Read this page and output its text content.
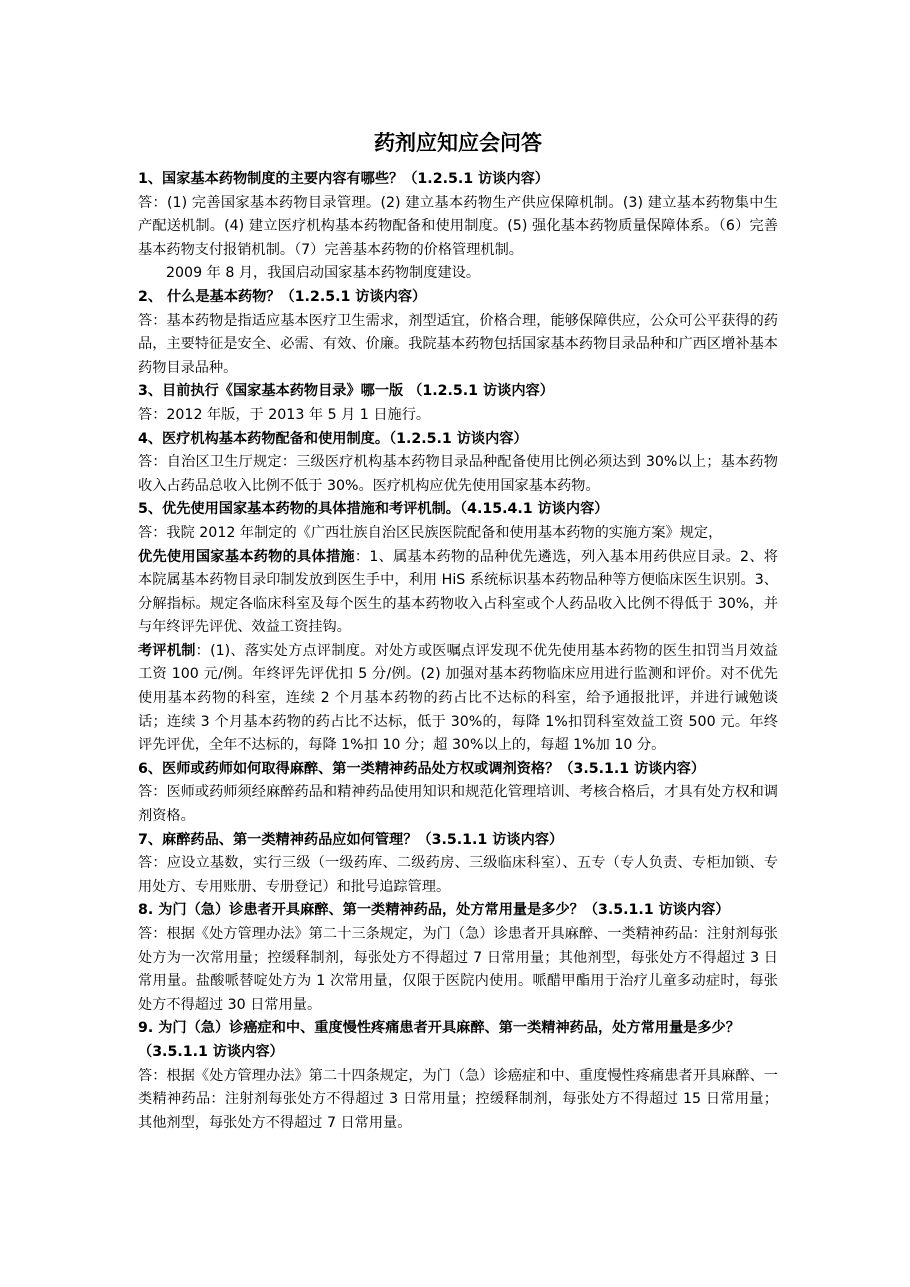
药剂应知应会问答

1、国家基本药物制度的主要内容有哪些？（1.2.5.1 访谈内容）

答：(1) 完善国家基本药物目录管理。(2) 建立基本药物生产供应保障机制。(3) 建立基本药物集中生产配送机制。(4) 建立医疗机构基本药物配备和使用制度。(5) 强化基本药物质量保障体系。（6）完善基本药物支付报销机制。（7）完善基本药物的价格管理机制。

2009 年 8 月，我国启动国家基本药物制度建设。

2、 什么是基本药物？（1.2.5.1 访谈内容）

答：基本药物是指适应基本医疗卫生需求，剂型适宜，价格合理，能够保障供应，公众可公平获得的药品，主要特征是安全、必需、有效、价廉。我院基本药物包括国家基本药物目录品种和广西区增补基本药物目录品种。

3、目前执行《国家基本药物目录》哪一版 （1.2.5.1 访谈内容）

答：2012 年版，于 2013 年 5 月 1 日施行。

4、医疗机构基本药物配备和使用制度。（1.2.5.1 访谈内容）

答：自治区卫生厅规定：三级医疗机构基本药物目录品种配备使用比例必须达到 30%以上；基本药物收入占药品总收入比例不低于 30%。医疗机构应优先使用国家基本药物。

5、优先使用国家基本药物的具体措施和考评机制。（4.15.4.1 访谈内容）

答：我院 2012 年制定的《广西壮族自治区民族医院配备和使用基本药物的实施方案》规定，

优先使用国家基本药物的具体措施：1、属基本药物的品种优先遴选，列入基本用药供应目录。2、将本院属基本药物目录印制发放到医生手中，利用 HiS 系统标识基本药物品种等方便临床医生识别。3、分解指标。规定各临床科室及每个医生的基本药物收入占科室或个人药品收入比例不得低于 30%，并与年终评先评优、效益工资挂钩。

考评机制：(1)、落实处方点评制度。对处方或医嘱点评发现不优先使用基本药物的医生扣罚当月效益工资 100 元/例。年终评先评优扣 5 分/例。(2) 加强对基本药物临床应用进行监测和评价。对不优先使用基本药物的科室，连续 2 个月基本药物的药占比不达标的科室，给予通报批评，并进行诫勉谈话；连续 3 个月基本药物的药占比不达标，低于 30%的，每降 1%扣罚科室效益工资 500 元。年终评先评优，全年不达标的，每降 1%扣 10 分；超 30%以上的，每超 1%加 10 分。

6、医师或药师如何取得麻醉、第一类精神药品处方权或调剂资格？（3.5.1.1 访谈内容）

答：医师或药师须经麻醉药品和精神药品使用知识和规范化管理培训、考核合格后，才具有处方权和调剂资格。

7、麻醉药品、第一类精神药品应如何管理？（3.5.1.1 访谈内容）

答：应设立基数，实行三级（一级药库、二级药房、三级临床科室）、五专（专人负责、专柜加锁、专用处方、专用账册、专册登记）和批号追踪管理。

8. 为门（急）诊患者开具麻醉、第一类精神药品，处方常用量是多少？（3.5.1.1 访谈内容）

答：根据《处方管理办法》第二十三条规定，为门（急）诊患者开具麻醉、一类精神药品：注射剂每张处方为一次常用量；控缓释制剂，每张处方不得超过 7 日常用量；其他剂型，每张处方不得超过 3 日常用量。盐酸哌替啶处方为 1 次常用量，仅限于医院内使用。哌醋甲酯用于治疗儿童多动症时，每张处方不得超过 30 日常用量。

9. 为门（急）诊癌症和中、重度慢性疼痛患者开具麻醉、第一类精神药品，处方常用量是多少？（3.5.1.1 访谈内容）

答：根据《处方管理办法》第二十四条规定，为门（急）诊癌症和中、重度慢性疼痛患者开具麻醉、一类精神药品：注射剂每张处方不得超过 3 日常用量；控缓释制剂，每张处方不得超过 15 日常用量；其他剂型，每张处方不得超过 7 日常用量。
